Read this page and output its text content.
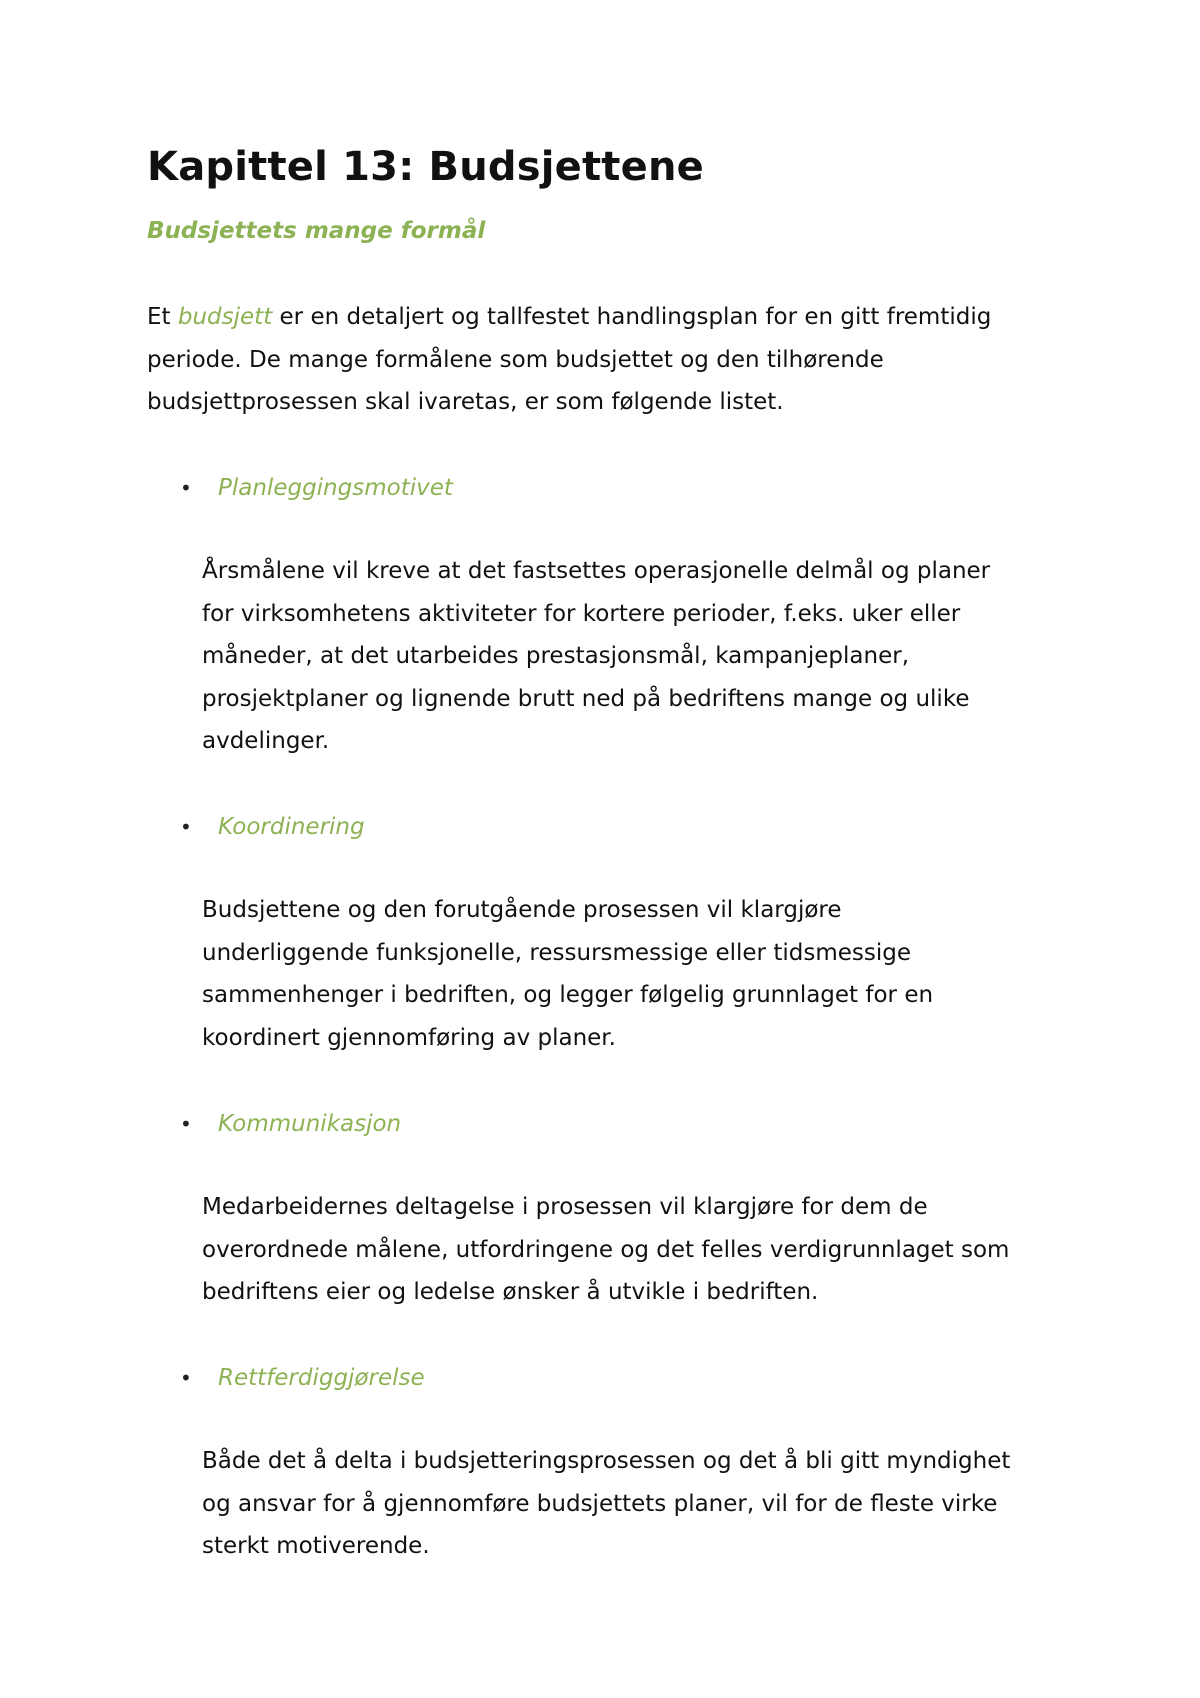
Kapittel 13: Budsjettene
Budsjettets mange formål

Et budsjett er en detaljert og tallfestet handlingsplan for en gitt fremtidig
periode. De mange formålene som budsjettet og den tilhørende
budsjettprosessen skal ivaretas, er som følgende listet.

•	Planleggingsmotivet

Årsmålene vil kreve at det fastsettes operasjonelle delmål og planer
for virksomhetens aktiviteter for kortere perioder, f.eks. uker eller
måneder, at det utarbeides prestasjonsmål, kampanjeplaner,
prosjektplaner og lignende brutt ned på bedriftens mange og ulike
avdelinger.

•	Koordinering

Budsjettene og den forutgående prosessen vil klargjøre
underliggende funksjonelle, ressursmessige eller tidsmessige
sammenhenger i bedriften, og legger følgelig grunnlaget for en
koordinert gjennomføring av planer.

•	Kommunikasjon

Medarbeidernes deltagelse i prosessen vil klargjøre for dem de
overordnede målene, utfordringene og det felles verdigrunnlaget som
bedriftens eier og ledelse ønsker å utvikle i bedriften.

•	Rettferdiggjørelse

Både det å delta i budsjetteringsprosessen og det å bli gitt myndighet
og ansvar for å gjennomføre budsjettets planer, vil for de fleste virke
sterkt motiverende.
